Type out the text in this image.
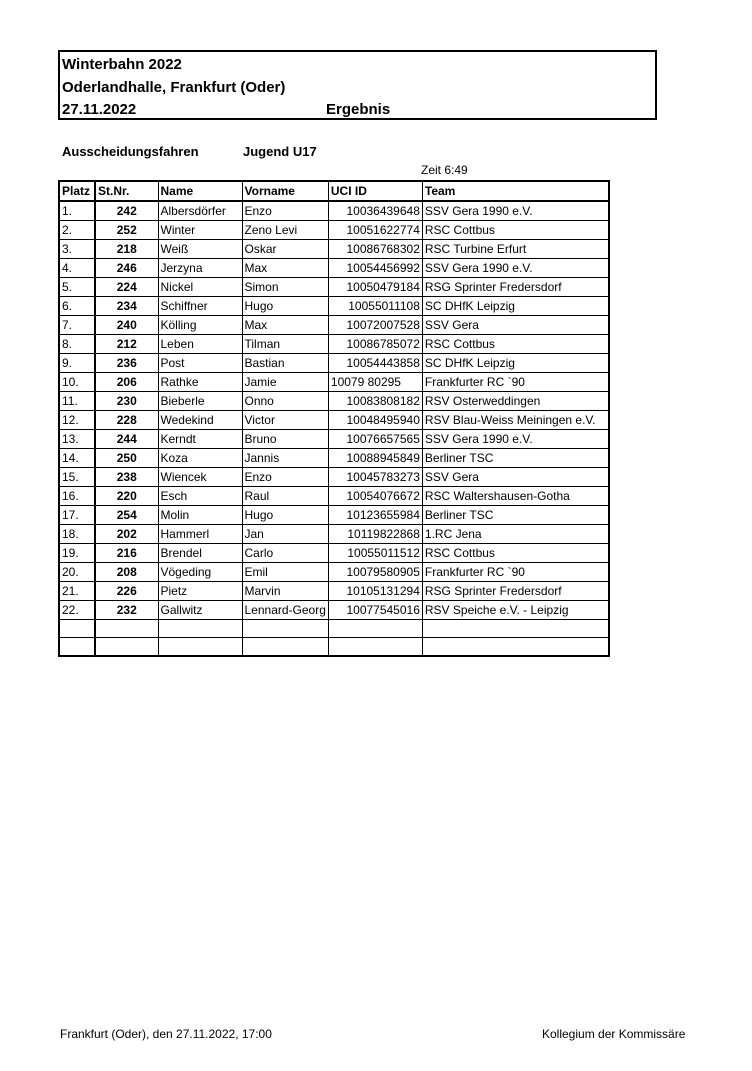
Winterbahn 2022
Oderlandhalle, Frankfurt (Oder)
27.11.2022	Ergebnis
Ausscheidungsfahren	Jugend U17
Zeit 6:49
Platz	St.Nr.	Name	Vorname	UCI ID	Team
1.	242	Albersdörfer	Enzo	10036439648	SSV Gera 1990 e.V.
2.	252	Winter	Zeno Levi	10051622774	RSC Cottbus
3.	218	Weiß	Oskar	10086768302	RSC Turbine Erfurt
4.	246	Jerzyna	Max	10054456992	SSV Gera 1990 e.V.
5.	224	Nickel	Simon	10050479184	RSG Sprinter Fredersdorf
6.	234	Schiffner	Hugo	10055011108	SC DHfK Leipzig
7.	240	Kölling	Max	10072007528	SSV Gera
8.	212	Leben	Tilman	10086785072	RSC Cottbus
9.	236	Post	Bastian	10054443858	SC DHfK Leipzig
10.	206	Rathke	Jamie	10079 80295	Frankfurter RC `90
11.	230	Bieberle	Onno	10083808182	RSV Osterweddingen
12.	228	Wedekind	Victor	10048495940	RSV Blau-Weiss Meiningen e.V.
13.	244	Kerndt	Bruno	10076657565	SSV Gera 1990 e.V.
14.	250	Koza	Jannis	10088945849	Berliner TSC
15.	238	Wiencek	Enzo	10045783273	SSV Gera
16.	220	Esch	Raul	10054076672	RSC Waltershausen-Gotha
17.	254	Molin	Hugo	10123655984	Berliner TSC
18.	202	Hammerl	Jan	10119822868	1.RC Jena
19.	216	Brendel	Carlo	10055011512	RSC Cottbus
20.	208	Vögeding	Emil	10079580905	Frankfurter RC `90
21.	226	Pietz	Marvin	10105131294	RSG Sprinter Fredersdorf
22.	232	Gallwitz	Lennard-Georg	10077545016	RSV Speiche e.V. - Leipzig

Frankfurt (Oder), den 27.11.2022, 17:00	Kollegium der Kommissäre
